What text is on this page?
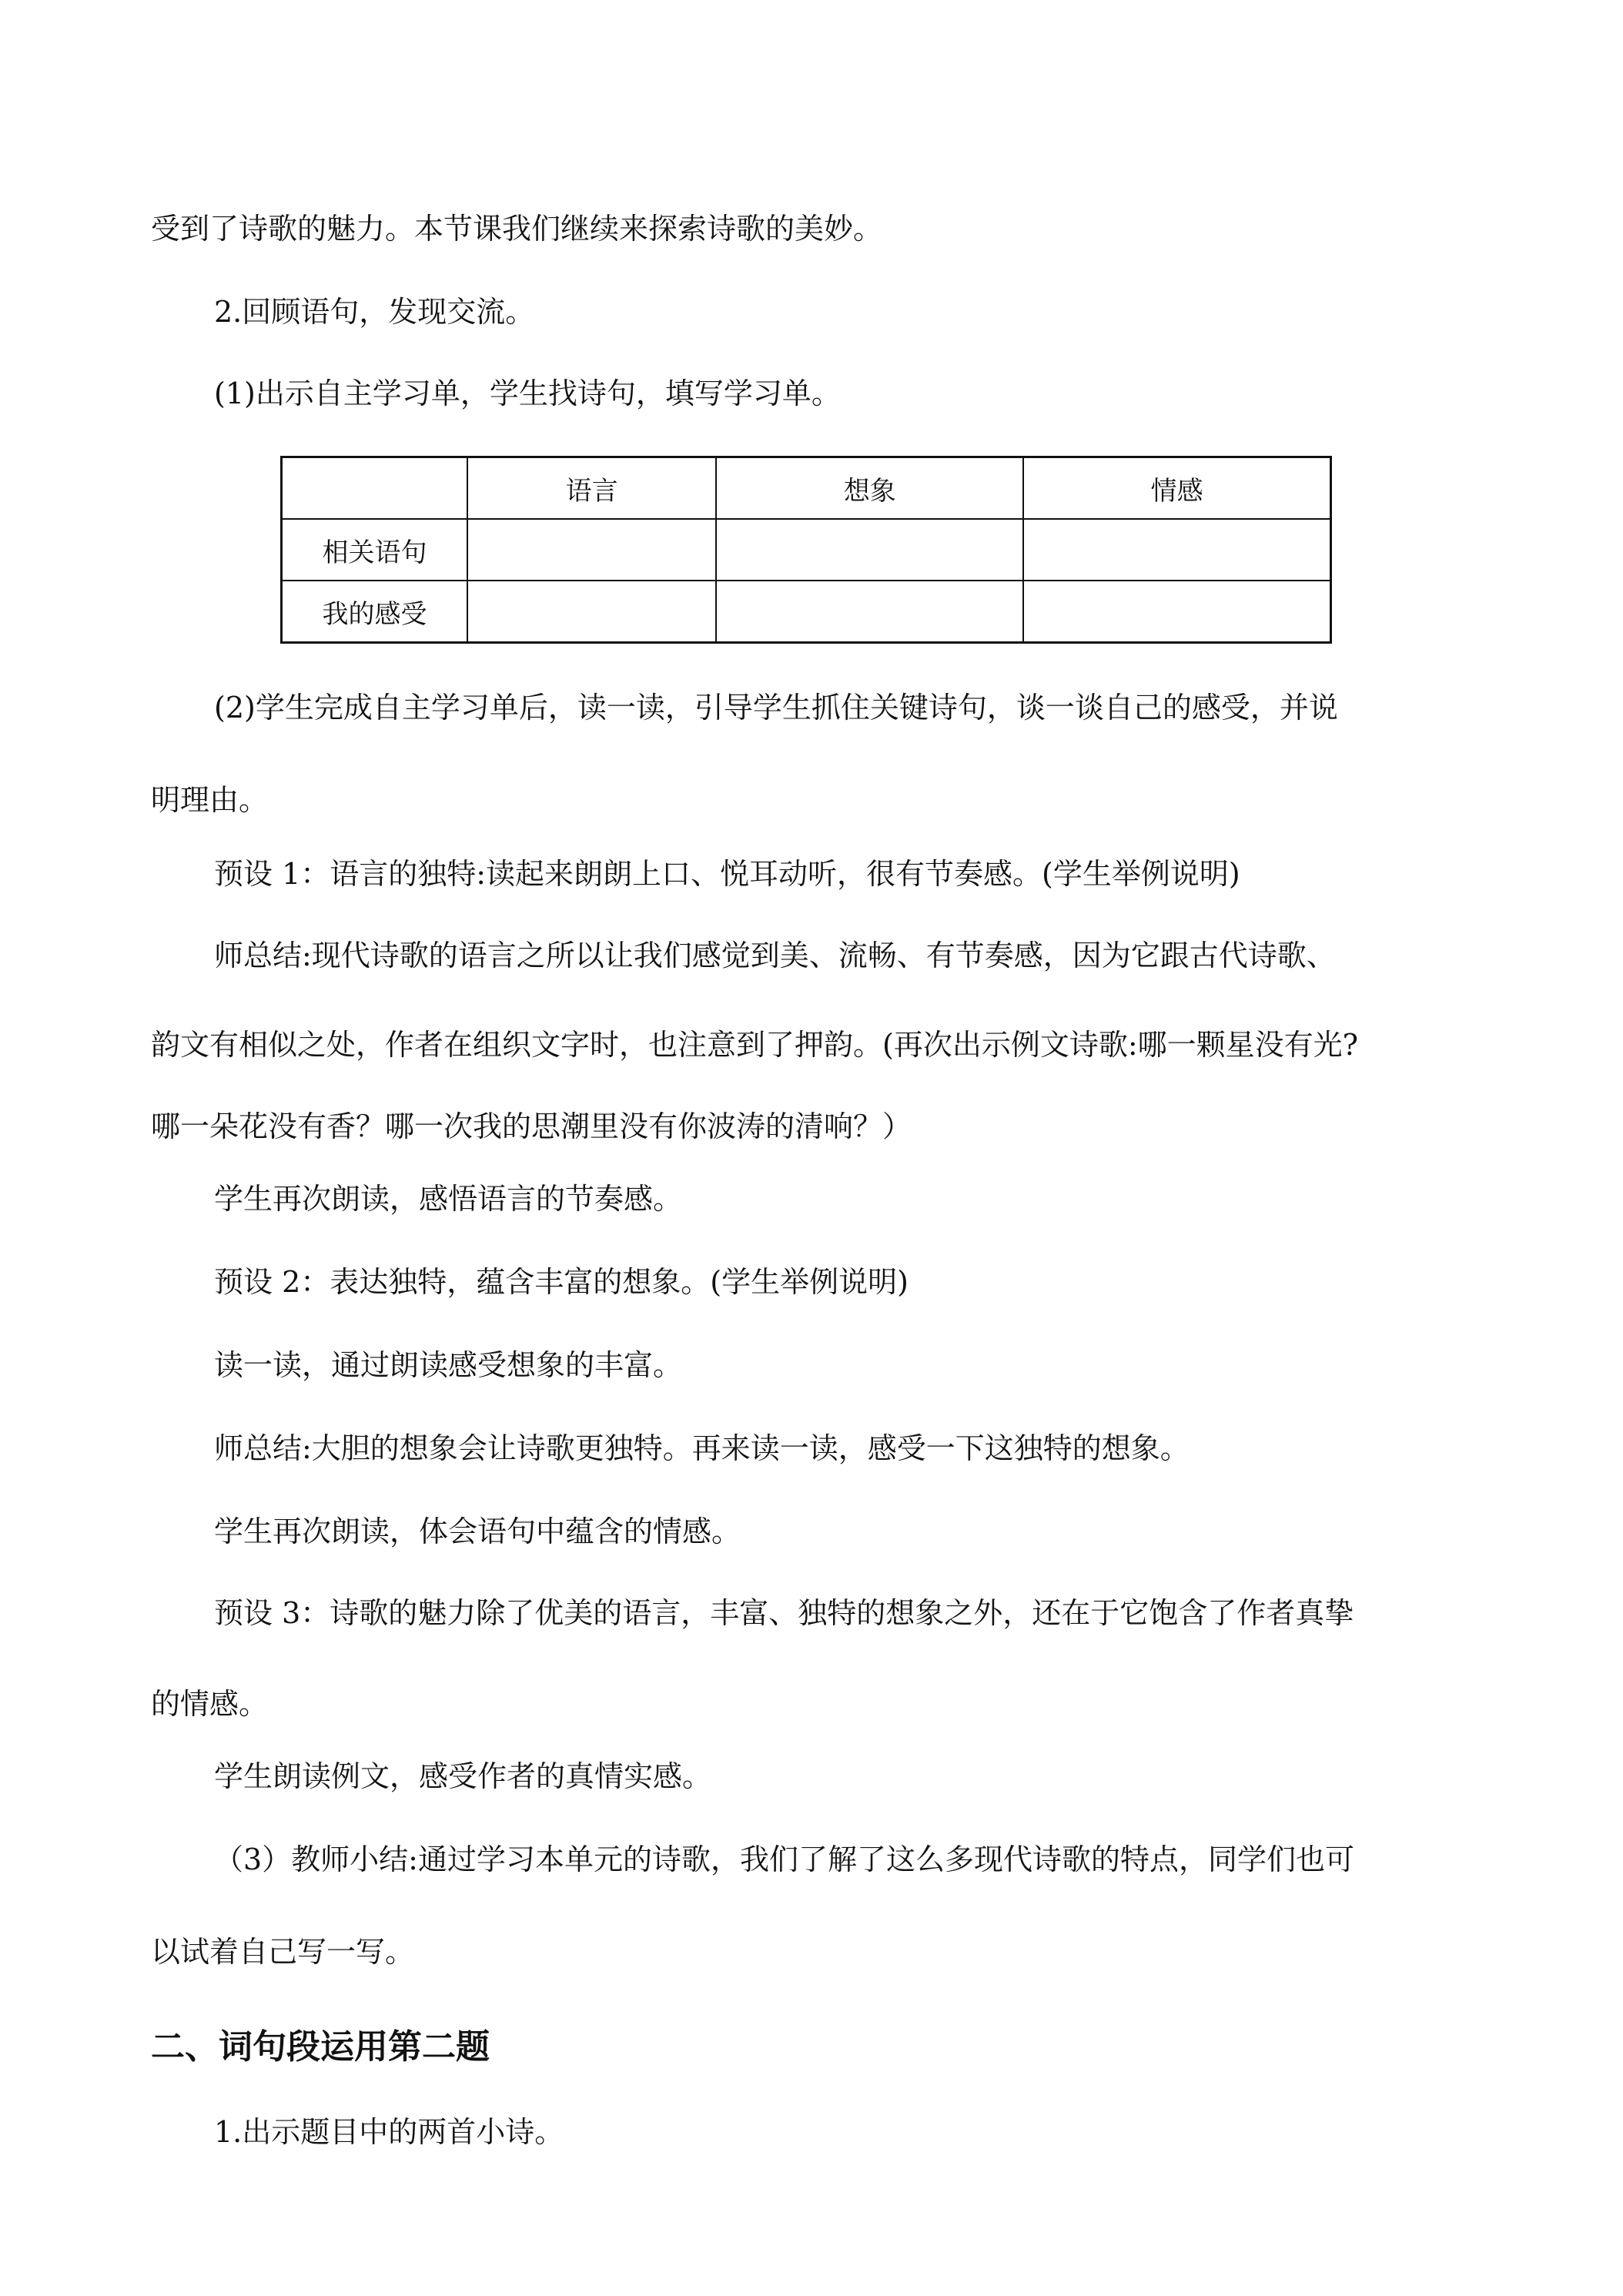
受到了诗歌的魅力。本节课我们继续来探索诗歌的美妙。
2.回顾语句，发现交流。
(1)出示自主学习单，学生找诗句，填写学习单。
	语言	想象	情感
相关语句			
我的感受			
(2)学生完成自主学习单后，读一读，引导学生抓住关键诗句，谈一谈自己的感受，并说
明理由。
预设 1：语言的独特:读起来朗朗上口、悦耳动听，很有节奏感。(学生举例说明)
师总结:现代诗歌的语言之所以让我们感觉到美、流畅、有节奏感，因为它跟古代诗歌、
韵文有相似之处，作者在组织文字时，也注意到了押韵。(再次出示例文诗歌:哪一颗星没有光?
哪一朵花没有香？哪一次我的思潮里没有你波涛的清响？）
学生再次朗读，感悟语言的节奏感。
预设 2：表达独特，蕴含丰富的想象。(学生举例说明)
读一读，通过朗读感受想象的丰富。
师总结:大胆的想象会让诗歌更独特。再来读一读，感受一下这独特的想象。
学生再次朗读，体会语句中蕴含的情感。
预设 3：诗歌的魅力除了优美的语言，丰富、独特的想象之外，还在于它饱含了作者真挚
的情感。
学生朗读例文，感受作者的真情实感。
（3）教师小结:通过学习本单元的诗歌，我们了解了这么多现代诗歌的特点，同学们也可
以试着自己写一写。
二、词句段运用第二题
1.出示题目中的两首小诗。
